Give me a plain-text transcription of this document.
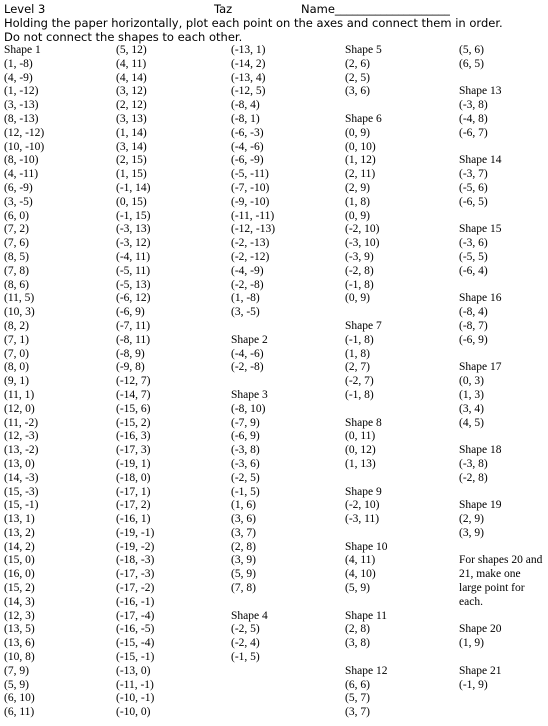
Level 3	Taz	Name____________________
Holding the paper horizontally, plot each point on the axes and connect them in order.
Do not connect the shapes to each other.
Shape 1
(1, -8)
(4, -9)
(1, -12)
(3, -13)
(8, -13)
(12, -12)
(10, -10)
(8, -10)
(4, -11)
(6, -9)
(3, -5)
(6, 0)
(7, 2)
(7, 6)
(8, 5)
(7, 8)
(8, 6)
(11, 5)
(10, 3)
(8, 2)
(7, 1)
(7, 0)
(8, 0)
(9, 1)
(11, 1)
(12, 0)
(11, -2)
(12, -3)
(13, -2)
(13, 0)
(14, -3)
(15, -3)
(15, -1)
(13, 1)
(13, 2)
(14, 2)
(15, 0)
(16, 0)
(15, 2)
(14, 3)
(12, 3)
(13, 5)
(13, 6)
(10, 8)
(7, 9)
(5, 9)
(6, 10)
(6, 11)
(5, 12)
(4, 11)
(4, 14)
(3, 12)
(2, 12)
(3, 13)
(1, 14)
(3, 14)
(2, 15)
(1, 15)
(-1, 14)
(0, 15)
(-1, 15)
(-3, 13)
(-3, 12)
(-4, 11)
(-5, 11)
(-5, 13)
(-6, 12)
(-6, 9)
(-7, 11)
(-8, 11)
(-8, 9)
(-9, 8)
(-12, 7)
(-14, 7)
(-15, 6)
(-15, 2)
(-16, 3)
(-17, 3)
(-19, 1)
(-18, 0)
(-17, 1)
(-17, 2)
(-16, 1)
(-19, -1)
(-19, -2)
(-18, -3)
(-17, -3)
(-17, -2)
(-16, -1)
(-17, -4)
(-16, -5)
(-15, -4)
(-15, -1)
(-13, 0)
(-11, -1)
(-10, -1)
(-10, 0)
(-13, 1)
(-14, 2)
(-13, 4)
(-12, 5)
(-8, 4)
(-8, 1)
(-6, -3)
(-4, -6)
(-6, -9)
(-5, -11)
(-7, -10)
(-9, -10)
(-11, -11)
(-12, -13)
(-2, -13)
(-2, -12)
(-4, -9)
(-2, -8)
(1, -8)
(3, -5)
Shape 2
(-4, -6)
(-2, -8)
Shape 3
(-8, 10)
(-7, 9)
(-6, 9)
(-3, 8)
(-3, 6)
(-2, 5)
(-1, 5)
(1, 6)
(3, 6)
(3, 7)
(2, 8)
(3, 9)
(5, 9)
(7, 8)
Shape 4
(-2, 5)
(-2, 4)
(-1, 5)
Shape 5
(2, 6)
(2, 5)
(3, 6)
Shape 6
(0, 9)
(0, 10)
(1, 12)
(2, 11)
(2, 9)
(1, 8)
(0, 9)
(-2, 10)
(-3, 10)
(-3, 9)
(-2, 8)
(-1, 8)
(0, 9)
Shape 7
(-1, 8)
(1, 8)
(2, 7)
(-2, 7)
(-1, 8)
Shape 8
(0, 11)
(0, 12)
(1, 13)
Shape 9
(-2, 10)
(-3, 11)
Shape 10
(4, 11)
(4, 10)
(5, 9)
Shape 11
(2, 8)
(3, 8)
Shape 12
(6, 6)
(5, 7)
(3, 7)
(5, 6)
(6, 5)
Shape 13
(-3, 8)
(-4, 8)
(-6, 7)
Shape 14
(-3, 7)
(-5, 6)
(-6, 5)
Shape 15
(-3, 6)
(-5, 5)
(-6, 4)
Shape 16
(-8, 4)
(-8, 7)
(-6, 9)
Shape 17
(0, 3)
(1, 3)
(3, 4)
(4, 5)
Shape 18
(-3, 8)
(-2, 8)
Shape 19
(2, 9)
(3, 9)
For shapes 20 and 21, make one large point for each.
Shape 20
(1, 9)
Shape 21
(-1, 9)
